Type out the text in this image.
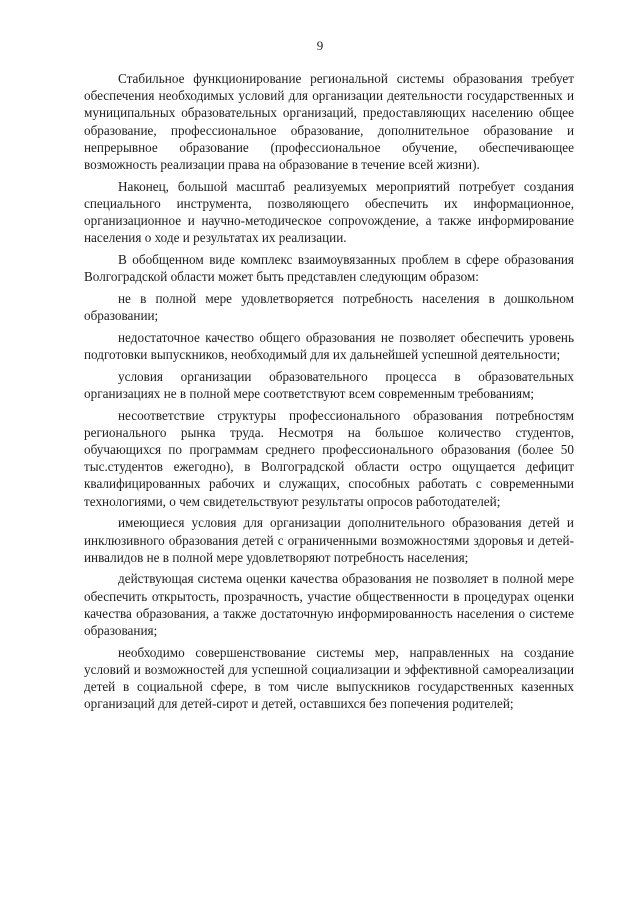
9

Стабильное функционирование региональной системы образования требует обеспечения необходимых условий для организации деятельности государственных и муниципальных образовательных организаций, предоставляющих населению общее образование, профессиональное образование, дополнительное образование и непрерывное образование (профессиональное обучение, обеспечивающее возможность реализации права на образование в течение всей жизни).

Наконец, большой масштаб реализуемых мероприятий потребует создания специального инструмента, позволяющего обеспечить их информационное, организационное и научно-методическое сопроvождение, а также информирование населения о ходе и результатах их реализации.

В обобщенном виде комплекс взаимоувязанных проблем в сфере образования Волгоградской области может быть представлен следующим образом:

не в полной мере удовлетворяется потребность населения в дошкольном образовании;

недостаточное качество общего образования не позволяет обеспечить уровень подготовки выпускников, необходимый для их дальнейшей успешной деятельности;

условия организации образовательного процесса в образовательных организациях не в полной мере соответствуют всем современным требованиям;

несоответствие структуры профессионального образования потребностям регионального рынка труда. Несмотря на большое количество студентов, обучающихся по программам среднего профессионального образования (более 50 тыс.студентов ежегодно), в Волгоградской области остро ощущается дефицит квалифицированных рабочих и служащих, способных работать с современными технологиями, о чем свидетельствуют результаты опросов работодателей;

имеющиеся условия для организации дополнительного образования детей и инклюзивного образования детей с ограниченными возможностями здоровья и детей-инвалидов не в полной мере удовлетворяют потребность населения;

действующая система оценки качества образования не позволяет в полной мере обеспечить открытость, прозрачность, участие общественности в процедурах оценки качества образования, а также достаточную информированность населения о системе образования;

необходимо совершенствование системы мер, направленных на создание условий и возможностей для успешной социализации и эффективной самореализации детей в социальной сфере, в том числе выпускников государственных казенных организаций для детей-сирот и детей, оставшихся без попечения родителей;
